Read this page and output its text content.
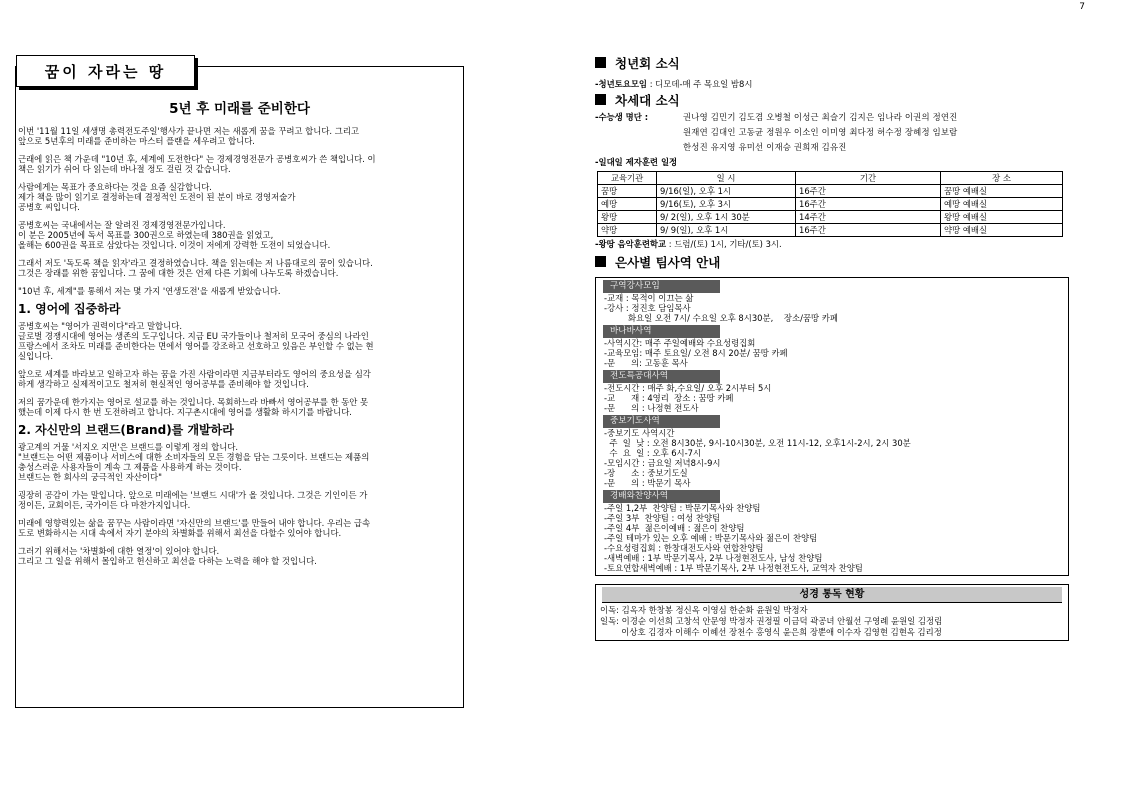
7
꿈이 자라는 땅
5년 후 미래를 준비한다
이번 '11월 11일 세생명 총력전도주일'행사가 끝나면 저는 새롭게 꿈을 꾸려고 합니다. 그리고
앞으로 5년후의 미래를 준비하는 마스터 플랜을 세우려고 합니다.
근래에 읽은 책 가운데 "10년 후, 세계에 도전한다" 는 경제경영전문가 공병호씨가 쓴 책입니다. 이
책은 읽기가 쉬어 다 읽는데 바나절 정도 걸린 것 같습니다.
사람에게는 목표가 중요하다는 것을 요즘 실감합니다.
제가 책을 많이 읽기로 결정하는데 결정적인 도전이 된 분이 바로 경영저술가
공병호 씨입니다.
공병호씨는 국내에서는 잘 알려진 경제경영전문가입니다.
이 분은 2005년에 독서 목표를 300권으로 하였는데 380권을 읽었고,
올해는 600권을 목표로 삼았다는 것입니다. 이것이 저에게 강력한 도전이 되었습니다.
그래서 저도 '독도록 책을 읽자'라고 결정하였습니다. 책을 읽는데는 저 나름대로의 꿈이 있습니다.
그것은 장래를 위한 꿈입니다. 그 꿈에 대한 것은 언제 다른 기회에 나누도록 하겠습니다.
"10년 후, 세계"를 통해서 저는 몇 가지 '연생도전'을 새롭게 받았습니다.
1. 영어에 집중하라
공병호씨는 "영어가 권력이다"라고 말합니다.
글로벌 경쟁시대에 영어는 생존의 도구입니다. 지금 EU 국가들이나 철저히 모국어 중심의 나라인
프랑스에서 조차도 미래를 준비한다는 면에서 영어를 강조하고 선호하고 있음은 부인할 수 없는 현
실입니다.
앞으로 세계를 바라보고 일하고자 하는 꿈을 가진 사람이라면 지금부터라도 영어의 중요성을 심각
하게 생각하고 실제적이고도 철저히 현실적인 영어공부를 준비해야 할 것입니다.
저의 꿈가운데 한가지는 영어로 설교를 하는 것입니다. 목회하느라 바빠서 영어공부를 한 동안 못
했는데 이제 다시 한 번 도전하려고 합니다. 지구촌시대에 영어를 생활화 하시기를 바랍니다.
2. 자신만의 브랜드(Brand)를 개발하라
광고계의 거물 '서지오 지먼'은 브랜드를 이렇게 정의 합니다.
"브랜드는 어떤 제품이나 서비스에 대한 소비자들의 모든 경험을 담는 그릇이다. 브랜드는 제품의
충성스러운 사용자들이 계속 그 제품을 사용하게 하는 것이다.
브랜드는 한 회사의 궁극적인 자산이다"
굉장히 공감이 가는 말입니다. 앞으로 미래에는 '브랜드 시대'가 올 것입니다. 그것은 기인이든 가
정이든, 교회이든, 국가이든 다 마찬가지입니다.
미래에 영향력있는 삶을 꿈꾸는 사람이라면 '자신만의 브랜드'를 만들어 내야 합니다. 우리는 급속
도로 변화하시는 시대 속에서 자기 분야의 차별화를 위해서 최선을 다할수 있어야 합니다.
그러기 위해서는 '차별화에 대한 열정'이 있어야 합니다.
그리고 그 일을 위해서 몰입하고 헌신하고 최선을 다하는 노력을 해야 할 것입니다.
청년회 소식
-청년토요모임 : 디모데-매 주 목요일 밤8시
차세대 소식
-수능생 명단 :	권나영 김민기 김도겸 오병철 이성근 최슬기 김지은 임나라 이권의 정연진
원재연 김대인 고동균 정원우 이소인 이미영 최다정 허수정 장혜정 임보람
한성진 유지영 유미선 이재승 권희재 김유진
-일대일 제자훈련 일정
교육기관	일 시	기간	장 소
꿈땅	9/16(일), 오후 1시	16주간	꿈땅 예배실
예땅	9/16(토), 오후 3시	16주간	예땅 예배실
왕땅	9/ 2(일), 오후 1시 30분	14주간	왕땅 예배실
약땅	9/ 9(일), 오후 1시	16주간	약땅 예배실
-왕땅 음악훈련학교 : 드럼/(토) 1시, 기타/(토) 3시.
은사별 팀사역 안내
구역강사모임
-교재 : 목적이 이끄는 삶
-강사 : 정진호 담임목사
화요일 오전 7시/ 수요일 오후 8시30분,    장소/꿈땅 카페
바나바사역
-사역시간: 매주 주일예배와 수요성령집회
-교육모임: 매주 토요일/ 오전 8시 20분/ 꿈땅 카페
-문      의: 고동훈 목사
전도특공대사역
-전도시간 : 매주 화,수요일/ 오후 2시부터 5시
-교      재 : 4영리  장소 : 꿈땅 카페
-문      의 : 나정현 전도사
중보기도사역
-중보기도 사역시간
주  일  낮 : 오전 8시30분, 9시-10시30분, 오전 11시-12, 오후1시-2시, 2시 30분
수  요  일 : 오후 6시-7시
-모임시간 : 금요일 저녁8시-9시
-장      소 : 중보기도실
-문      의 : 박문기 목사
경배와찬양사역
-주일 1,2부  찬양팀 : 박문기목사와 찬양팀
-주일 3부  찬양팀 : 여성 찬양팀
-주일 4부  젊은이예배 : 젊은이 찬양팀
-주일 테마가 있는 오후 예배 : 박문기목사와 젊은이 찬양팀
-수요성령집회 : 한창대전도사와 연합찬양팀
-새벽예배 : 1부 박문기목사, 2부 나정현전도사, 남성 찬양팀
-토요연합새벽예배 : 1부 박문기목사, 2부 나정현전도사, 교역자 찬양팀
성경 통독 현황
이독: 김옥자 한창봉 정신옥 이영심 한순화 윤원일 박정자
일독: 이경순 이선희 고창석 안문영 박정자 권정필 이금덕 곽공녀 안월선 구영례 윤원일 김정림
이상호 김경자 이해수 이혜선 장천수 홍영식 윤은희 장뿐애 이수자 김영현 김현옥 김리정
